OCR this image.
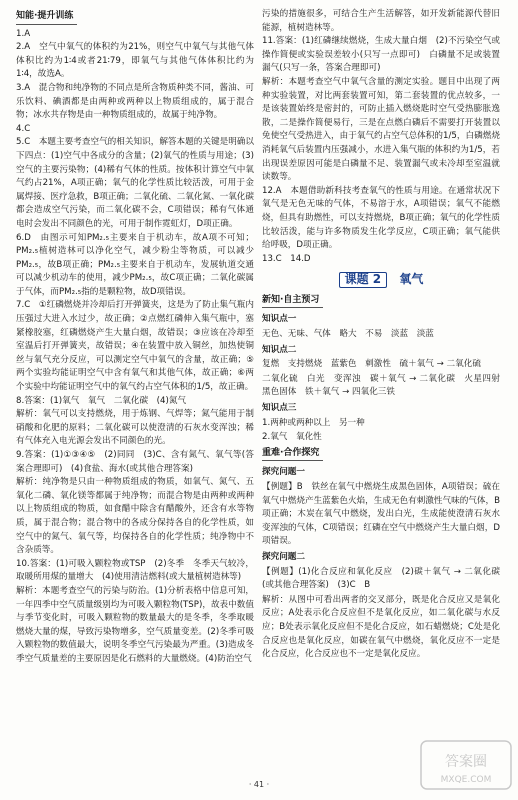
知能·提升训练

1.A

2.A　空气中氧气的体积约为21%，则空气中氧气与其他气体体积比约为1∶4或者21∶79，即氧气与其他气体体积比约为1∶4，故选A。

3.A　混合物和纯净物的不同点是所含物质种类不同，酱油、可乐饮料、碘酒都是由两种或两种以上物质组成的，属于混合物；冰水共存物是由一种物质组成的，故属于纯净物。

4.C

5.C　本题主要考查空气的相关知识，解答本题的关键是明确以下四点：(1)空气中各成分的含量；(2)氧气的性质与用途；(3)空气的主要污染物；(4)稀有气体的性质。按体积计算空气中氧气约占21%，A项正确；氧气的化学性质比较活泼，可用于金属焊接、医疗急救，B项正确；二氧化硫、二氧化氮、一氧化碳都会造成空气污染，而二氧化碳不会，C项错误；稀有气体通电时会发出不同颜色的光，可用于制作霓虹灯，D项正确。

6.D　由图示可知PM₂.₅主要来自于机动车，故A项不可知；PM₂.₅植树造林可以净化空气，减少粉尘等物质，可以减少PM₂.₅，故B项正确；PM₂.₅主要来自于机动车，发展轨道交通可以减少机动车的使用，减少PM₂.₅，故C项正确；二氧化碳属于气体，而PM₂.₅指的是颗粒物，故D项错误。

7.C　①红磷燃烧并冷却后打开弹簧夹，这是为了防止集气瓶内压强过大进入水过少，故正确；②点燃红磷伸入集气瓶中，塞紧橡胶塞，红磷燃烧产生大量白烟，故错误；③应该在冷却至室温后打开弹簧夹，故错误；④在装置中放入铜丝，加热使铜丝与氧气充分反应，可以测定空气中氧气的含量，故正确；⑤两个实验均能证明空气中含有氧气和其他气体，故正确；⑥两个实验中均能证明空气中的氧气约占空气体积的1/5，故正确。

8.答案：(1)氧气　氧气　二氧化碳　(4)氮气

解析：氧气可以支持燃烧，用于炼钢、气焊等；氮气能用于制硝酸和化肥的原料；二氧化碳可以使澄清的石灰水变浑浊；稀有气体充入电光源会发出不同颜色的光。

9.答案：(1)①③④⑤　(2)同同　(3)C、含有氮气、氧气等(答案合理即可)　(4)食盐、海水(或其他合理答案)

解析：纯净物是只由一种物质组成的物质，如氧气、氮气、五氧化二磷、氧化镁等都属于纯净物；而混合物是由两种或两种以上物质组成的物质，如食醋中除含有醋酸外，还含有水等物质，属于混合物；混合物中的各成分保持各自的化学性质，如空气中的氮气、氧气等，均保持各自的化学性质；纯净物中不含杂质等。

10.答案：(1)可吸入颗粒物或TSP　(2)冬季　冬季天气较冷，取暖所用煤的量增大　(4)使用清洁燃料(或大量植树造林等)

解析：本题考查空气的污染与防治。(1)分析表格中信息可知，一年四季中空气质量级别均为可吸入颗粒物(TSP)，故表中数值与季节变化时，可吸入颗粒物的数量最大的是冬季，冬季取暖燃烧大量的煤，导致污染物增多，空气质量变差。(2)冬季可吸入颗粒物的数值最大，说明冬季空气污染最为严重。(3)造成冬季空气质量差的主要原因是化石燃料的大量燃烧。(4)防治空气

污染的措施很多，可结合生产生活解答，如开发新能源代替旧能源，植树造林等。

11.答案：(1)红磷继续燃烧，生成大量白烟　(2)不污染空气或操作简便或实验误差较小(只写一点即可)　白磷量不足或装置漏气(只写一条，答案合理即可)

解析：本题考查空气中氧气含量的测定实验。题目中出现了两种实验装置，对比两套装置可知，第二套装置的优点较多，一是该装置始终是密封的，可防止插入燃烧匙时空气受热膨胀逸散，二是操作简便易行，三是在点燃白磷后不需要打开装置以免使空气受热进入，由于氧气约占空气总体积的1/5，白磷燃烧消耗氧气后装置内压强减小，水进入集气瓶的体积约为1/5，若出现误差原因可能是白磷量不足、装置漏气或未冷却至室温就读数等。

12.A　本题借助新科技考查氧气的性质与用途。在通常状况下氧气是无色无味的气体，不易溶于水，A项错误；氧气不能燃烧，但具有助燃性，可以支持燃烧，B项正确；氧气的化学性质比较活泼，能与许多物质发生化学反应，C项正确；氧气能供给呼吸，D项正确。

13.C　14.D

课题 2 氧气
新知·自主预习

知识点一

无色、无味、气体　略大　不易　淡蓝　淡蓝

知识点二

复燃　支持燃烧　蓝紫色　刺激性　硫＋氧气 → 二氧化硫

二氧化硫　白光　变浑浊　碳＋氧气 → 二氧化碳　火星四射　黑色固体　铁＋氧气 → 四氧化三铁

知识点三

1.两种或两种以上　另一种

2.氧气　氧化性

重难·合作探究

探究问题一

【例题】B　铁丝在氧气中燃烧生成黑色固体，A项错误；硫在氧气中燃烧产生蓝紫色火焰，生成无色有刺激性气味的气体，B项正确；木炭在氧气中燃烧，发出白光，生成能使澄清石灰水变浑浊的气体，C项错误；红磷在空气中燃烧产生大量白烟，D项错误。

探究问题二

【例题】(1)化合反应和氧化反应　(2)碳＋氧气 → 二氧化碳(或其他合理答案)　(3)C　B

解析：从图中可看出两者的交叉部分，既是化合反应又是氧化反应；A处表示化合反应但不是氧化反应，如二氧化碳与水反应；B处表示氧化反应但不是化合反应，如石蜡燃烧；C处是化合反应也是氧化反应，如碳在氧气中燃烧，氧化反应不一定是化合反应，化合反应也不一定是氧化反应。

· 41 ·
答案圈
MXQE.COM
